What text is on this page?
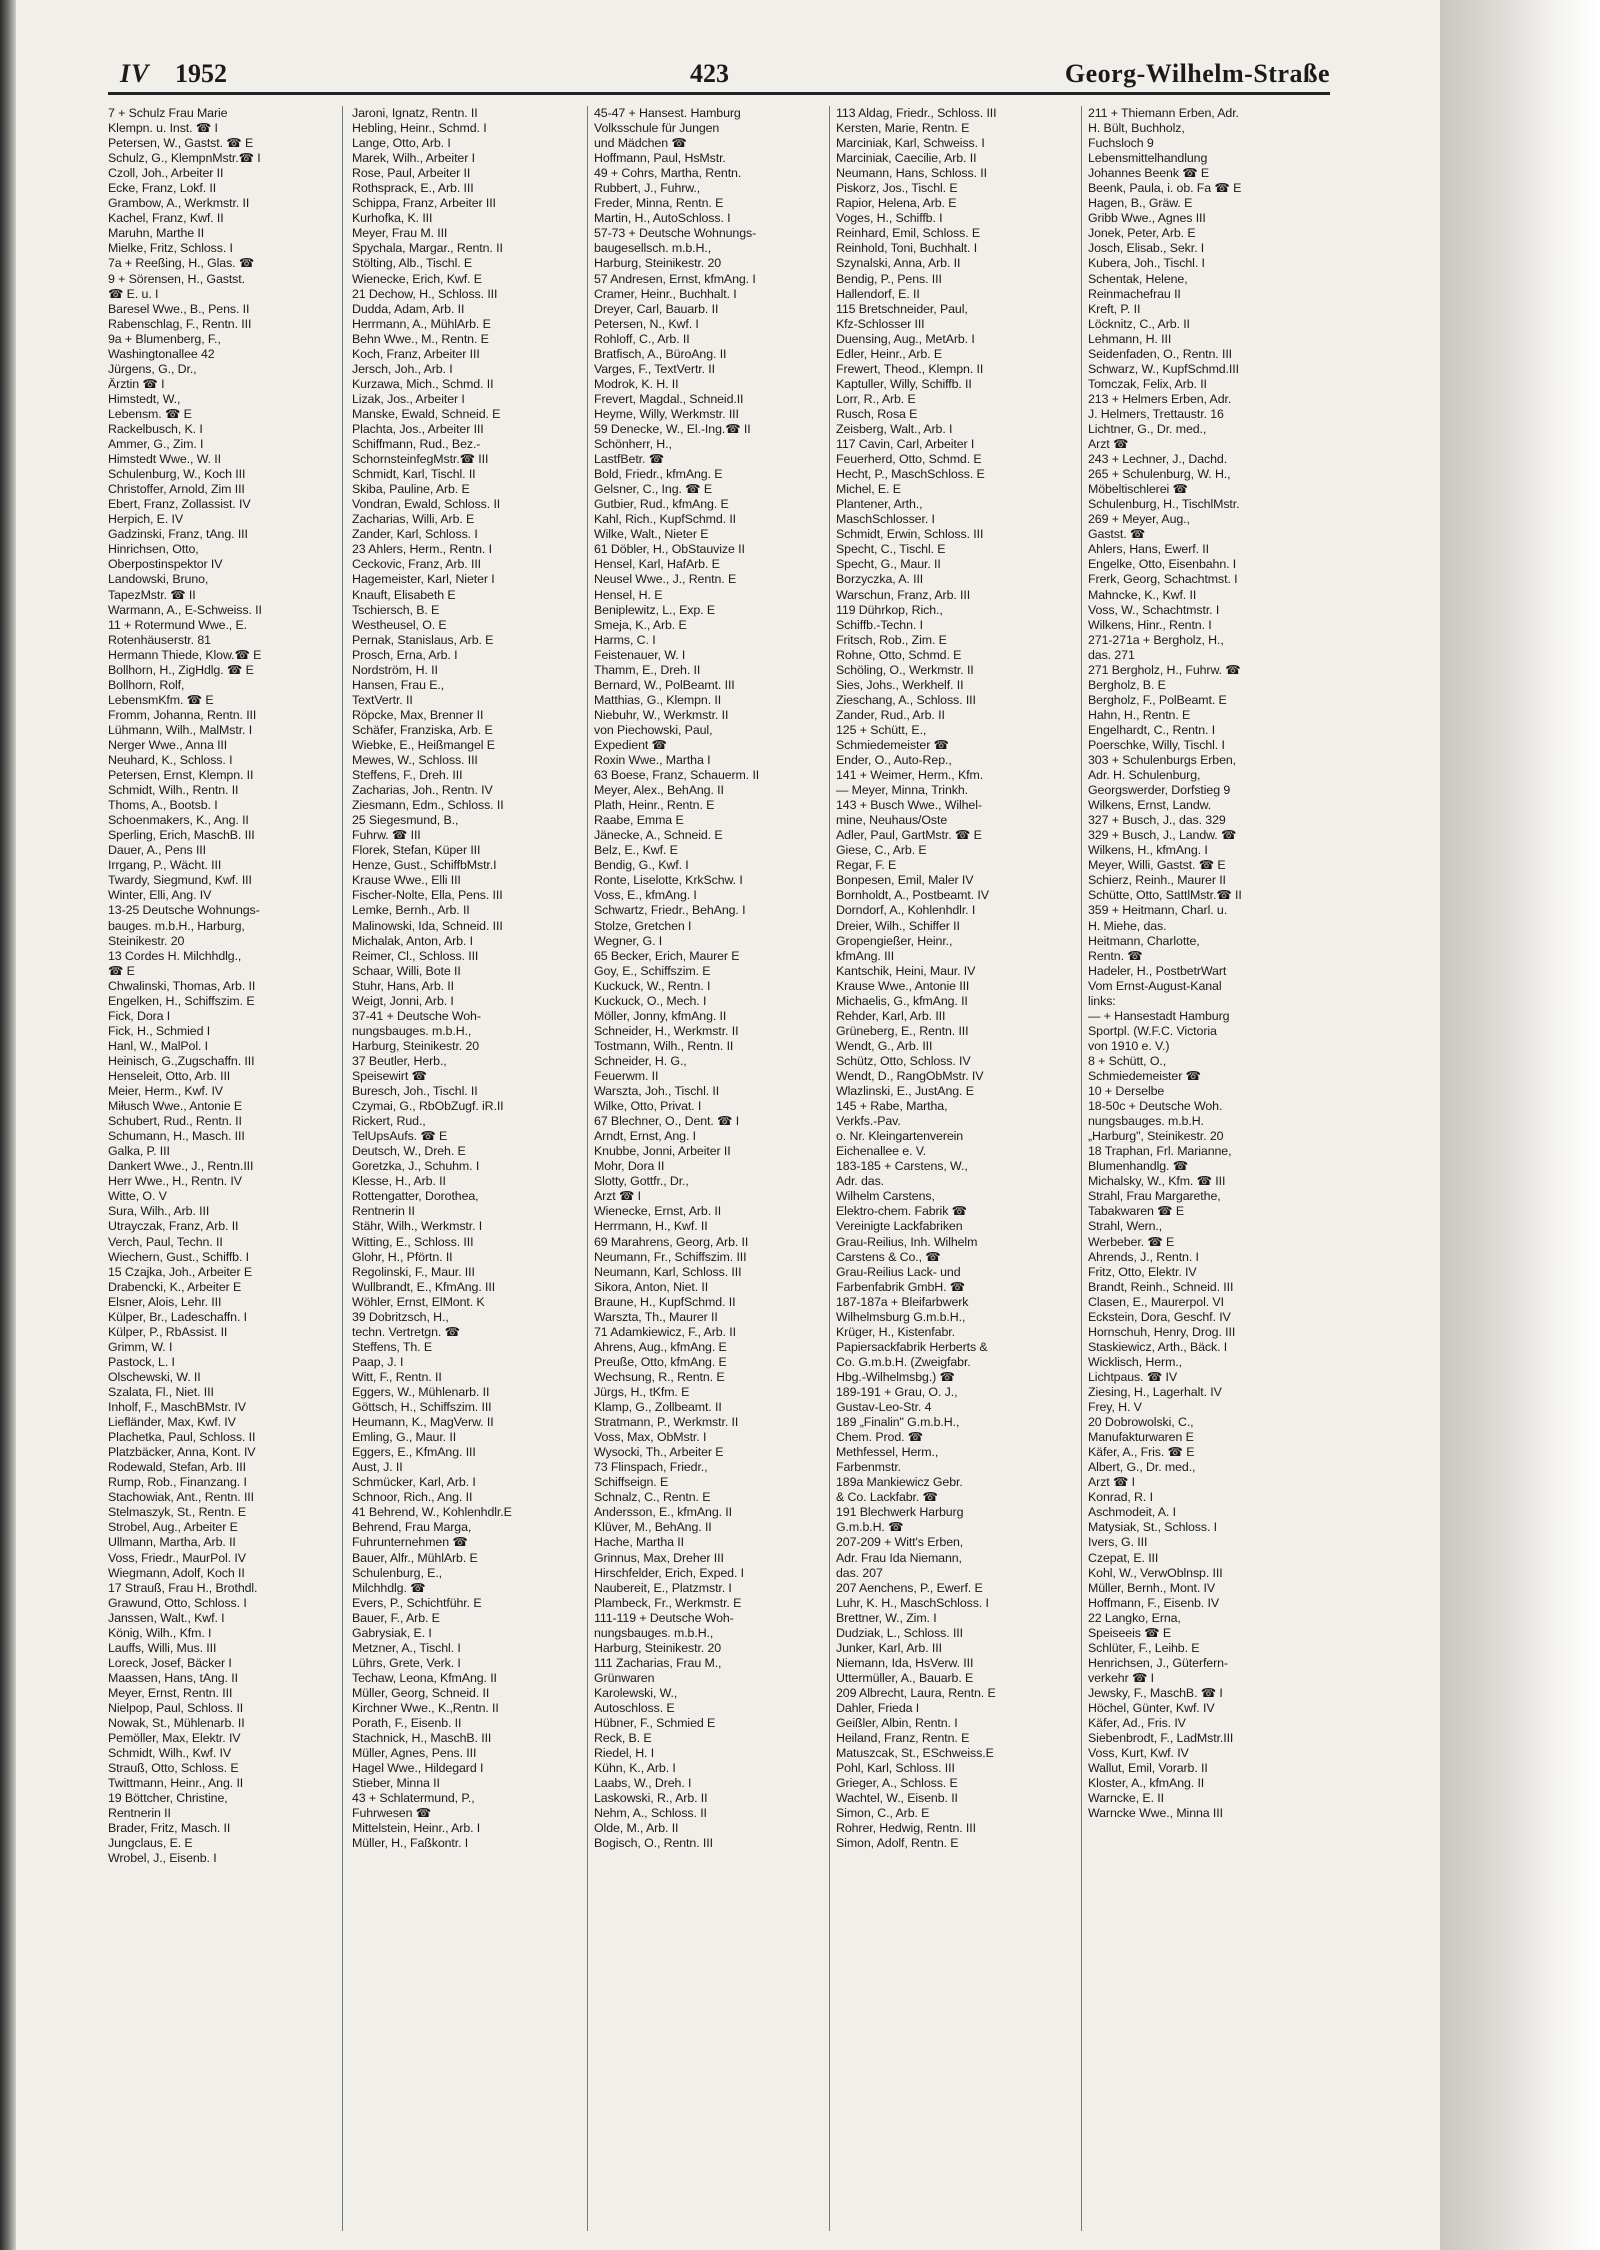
IV 1952	423	Georg-Wilhelm-Straße
7 + Schulz Frau Marie
Klempn. u. Inst. ☎ I
Petersen, W., Gastst. ☎ E
Schulz, G., KlempnMstr.☎ I
Czoll, Joh., Arbeiter II
Ecke, Franz, Lokf. II
Grambow, A., Werkmstr. II
Kachel, Franz, Kwf. II
Maruhn, Marthe II
Mielke, Fritz, Schloss. I
7a + Reeßing, H., Glas. ☎
9 + Sörensen, H., Gastst.
☎ E. u. I
Baresel Wwe., B., Pens. II
Rabenschlag, F., Rentn. III
9a + Blumenberg, F.,
Washingtonallee 42
Jürgens, G., Dr.,
Ärztin ☎ I
Himstedt, W.,
Lebensm. ☎ E
Rackelbusch, K. I
Ammer, G., Zim. I
Himstedt Wwe., W. II
Schulenburg, W., Koch III
Christoffer, Arnold, Zim III
Ebert, Franz, Zollassist. IV
Herpich, E. IV
Gadzinski, Franz, tAng. III
Hinrichsen, Otto,
Oberpostinspektor IV
Landowski, Bruno,
TapezMstr. ☎ II
Warmann, A., E-Schweiss. II
11 + Rotermund Wwe., E.
Rotenhäuserstr. 81
Hermann Thiede, Klow.☎ E
Bollhorn, H., ZigHdlg. ☎ E
Bollhorn, Rolf,
LebensmKfm. ☎ E
Fromm, Johanna, Rentn. III
Lühmann, Wilh., MalMstr. I
Nerger Wwe., Anna III
Neuhard, K., Schloss. I
Petersen, Ernst, Klempn. II
Schmidt, Wilh., Rentn. II
Thoms, A., Bootsb. I
Schoenmakers, K., Ang. II
Sperling, Erich, MaschB. III
Dauer, A., Pens III
Irrgang, P., Wächt. III
Twardy, Siegmund, Kwf. III
Winter, Elli, Ang. IV
13-25 Deutsche Wohnungs-
bauges. m.b.H., Harburg,
Steinikestr. 20
13 Cordes H. Milchhdlg.,
☎ E
Chwalinski, Thomas, Arb. II
Engelken, H., Schiffszim. E
Fick, Dora I
Fick, H., Schmied I
Hanl, W., MalPol. I
Heinisch, G.,Zugschaffn. III
Henseleit, Otto, Arb. III
Meier, Herm., Kwf. IV
Miłusch Wwe., Antonie E
Schubert, Rud., Rentn. II
Schumann, H., Masch. III
Galka, P. III
Dankert Wwe., J., Rentn.III
Herr Wwe., H., Rentn. IV
Witte, O. V
Sura, Wilh., Arb. III
Utrayczak, Franz, Arb. II
Verch, Paul, Techn. II
Wiechern, Gust., Schiffb. I
15 Czajka, Joh., Arbeiter E
Drabencki, K., Arbeiter E
Elsner, Alois, Lehr. III
Külper, Br., Ladeschaffn. I
Külper, P., RbAssist. II
Grimm, W. I
Pastock, L. I
Olschewski, W. II
Szalata, Fl., Niet. III
Inholf, F., MaschBMstr. IV
Liefländer, Max, Kwf. IV
Plachetka, Paul, Schloss. II
Platzbäcker, Anna, Kont. IV
Rodewald, Stefan, Arb. III
Rump, Rob., Finanzang. I
Stachowiak, Ant., Rentn. III
Stelmaszyk, St., Rentn. E
Strobel, Aug., Arbeiter E
Ullmann, Martha, Arb. II
Voss, Friedr., MaurPol. IV
Wiegmann, Adolf, Koch II
17 Strauß, Frau H., Brothdl.
Grawund, Otto, Schloss. I
Janssen, Walt., Kwf. I
König, Wilh., Kfm. I
Lauffs, Willi, Mus. III
Loreck, Josef, Bäcker I
Maassen, Hans, tAng. II
Meyer, Ernst, Rentn. III
Nielpop, Paul, Schloss. II
Nowak, St., Mühlenarb. II
Pemöller, Max, Elektr. IV
Schmidt, Wilh., Kwf. IV
Strauß, Otto, Schloss. E
Twittmann, Heinr., Ang. II
19 Böttcher, Christine,
Rentnerin II
Brader, Fritz, Masch. II
Jungclaus, E. E
Wrobel, J., Eisenb. I
Jaroni, Ignatz, Rentn. II
Hebling, Heinr., Schmd. I
Lange, Otto, Arb. I
Marek, Wilh., Arbeiter I
Rose, Paul, Arbeiter II
Rothsprack, E., Arb. III
Schippa, Franz, Arbeiter III
Kurhofka, K. III
Meyer, Frau M. III
Spychala, Margar., Rentn. II
Stölting, Alb., Tischl. E
Wienecke, Erich, Kwf. E
21 Dechow, H., Schloss. III
Dudda, Adam, Arb. II
Herrmann, A., MühlArb. E
Behn Wwe., M., Rentn. E
Koch, Franz, Arbeiter III
Jersch, Joh., Arb. I
Kurzawa, Mich., Schmd. II
Lizak, Jos., Arbeiter I
Manske, Ewald, Schneid. E
Plachta, Jos., Arbeiter III
Schiffmann, Rud., Bez.-
SchornsteinfegMstr.☎ III
Schmidt, Karl, Tischl. II
Skiba, Pauline, Arb. E
Vondran, Ewald, Schloss. II
Zacharias, Willi, Arb. E
Zander, Karl, Schloss. I
23 Ahlers, Herm., Rentn. I
Ceckovic, Franz, Arb. III
Hagemeister, Karl, Nieter I
Knauft, Elisabeth E
Tschiersch, B. E
Westheusel, O. E
Pernak, Stanislaus, Arb. E
Prosch, Erna, Arb. I
Nordström, H. II
Hansen, Frau E.,
TextVertr. II
Röpcke, Max, Brenner II
Schäfer, Franziska, Arb. E
Wiebke, E., Heißmangel E
Mewes, W., Schloss. III
Steffens, F., Dreh. III
Zacharias, Joh., Rentn. IV
Ziesmann, Edm., Schloss. II
25 Siegesmund, B.,
Fuhrw. ☎ III
Florek, Stefan, Küper III
Henze, Gust., SchiffbMstr.I
Krause Wwe., Elli III
Fischer-Nolte, Ella, Pens. III
Lemke, Bernh., Arb. II
Malinowski, Ida, Schneid. III
Michalak, Anton, Arb. I
Reimer, Cl., Schloss. III
Schaar, Willi, Bote II
Stuhr, Hans, Arb. II
Weigt, Jonni, Arb. I
37-41 + Deutsche Woh-
nungsbauges. m.b.H.,
Harburg, Steinikestr. 20
37 Beutler, Herb.,
Speisewirt ☎
Buresch, Joh., Tischl. II
Czymai, G., RbObZugf. iR.II
Rickert, Rud.,
TelUpsAufs. ☎ E
Deutsch, W., Dreh. E
Goretzka, J., Schuhm. I
Klesse, H., Arb. II
Rottengatter, Dorothea,
Rentnerin II
Stähr, Wilh., Werkmstr. I
Witting, E., Schloss. III
Glohr, H., Pförtn. II
Regolinski, F., Maur. III
Wullbrandt, E., KfmAng. III
Wöhler, Ernst, ElMont. K
39 Dobritzsch, H.,
techn. Vertretgn. ☎
Steffens, Th. E
Paap, J. I
Witt, F., Rentn. II
Eggers, W., Mühlenarb. II
Göttsch, H., Schiffszim. III
Heumann, K., MagVerw. II
Emling, G., Maur. II
Eggers, E., KfmAng. III
Aust, J. II
Schmücker, Karl, Arb. I
Schnoor, Rich., Ang. II
41 Behrend, W., Kohlenhdlr.E
Behrend, Frau Marga,
Fuhrunternehmen ☎
Bauer, Alfr., MühlArb. E
Schulenburg, E.,
Milchhdlg. ☎
Evers, P., Schichtführ. E
Bauer, F., Arb. E
Gabrysiak, E. I
Metzner, A., Tischl. I
Lührs, Grete, Verk. I
Techaw, Leona, KfmAng. II
Müller, Georg, Schneid. II
Kirchner Wwe., K.,Rentn. II
Porath, F., Eisenb. II
Stachnick, H., MaschB. III
Müller, Agnes, Pens. III
Hagel Wwe., Hildegard I
Stieber, Minna II
43 + Schlatermund, P.,
Fuhrwesen ☎
Mittelstein, Heinr., Arb. I
Müller, H., Faßkontr. I
45-47 + Hansest. Hamburg
Volksschule für Jungen
und Mädchen ☎
Hoffmann, Paul, HsMstr.
49 + Cohrs, Martha, Rentn.
Rubbert, J., Fuhrw.,
Freder, Minna, Rentn. E
Martin, H., AutoSchloss. I
57-73 + Deutsche Wohnungs-
baugesellsch. m.b.H.,
Harburg, Steinikestr. 20
57 Andresen, Ernst, kfmAng. I
Cramer, Heinr., Buchhalt. I
Dreyer, Carl, Bauarb. II
Petersen, N., Kwf. I
Rohloff, C., Arb. II
Bratfisch, A., BüroAng. II
Varges, F., TextVertr. II
Modrok, K. H. II
Frevert, Magdal., Schneid.II
Heyme, Willy, Werkmstr. III
59 Denecke, W., El.-Ing.☎ II
Schönherr, H.,
LastfBetr. ☎
Bold, Friedr., kfmAng. E
Gelsner, C., Ing. ☎ E
Gutbier, Rud., kfmAng. E
Kahl, Rich., KupfSchmd. II
Wilke, Walt., Nieter E
61 Döbler, H., ObStauvize II
Hensel, Karl, HafArb. E
Neusel Wwe., J., Rentn. E
Hensel, H. E
Beniplewitz, L., Exp. E
Smeja, K., Arb. E
Harms, C. I
Feistenauer, W. I
Thamm, E., Dreh. II
Bernard, W., PolBeamt. III
Matthias, G., Klempn. II
Niebuhr, W., Werkmstr. II
von Piechowski, Paul,
Expedient ☎
Roxin Wwe., Martha I
63 Boese, Franz, Schauerm. II
Meyer, Alex., BehAng. II
Plath, Heinr., Rentn. E
Raabe, Emma E
Jänecke, A., Schneid. E
Belz, E., Kwf. E
Bendig, G., Kwf. I
Ronte, Liselotte, KrkSchw. I
Voss, E., kfmAng. I
Schwartz, Friedr., BehAng. I
Stolze, Gretchen I
Wegner, G. I
65 Becker, Erich, Maurer E
Goy, E., Schiffszim. E
Kuckuck, W., Rentn. I
Kuckuck, O., Mech. I
Möller, Jonny, kfmAng. II
Schneider, H., Werkmstr. II
Tostmann, Wilh., Rentn. II
Schneider, H. G.,
Feuerwm. II
Warszta, Joh., Tischl. II
Wilke, Otto, Privat. I
67 Blechner, O., Dent. ☎ I
Arndt, Ernst, Ang. I
Knubbe, Jonni, Arbeiter II
Mohr, Dora II
Slotty, Gottfr., Dr.,
Arzt ☎ I
Wienecke, Ernst, Arb. II
Herrmann, H., Kwf. II
69 Marahrens, Georg, Arb. II
Neumann, Fr., Schiffszim. III
Neumann, Karl, Schloss. III
Sikora, Anton, Niet. II
Braune, H., KupfSchmd. II
Warszta, Th., Maurer II
71 Adamkiewicz, F., Arb. II
Ahrens, Aug., kfmAng. E
Preuße, Otto, kfmAng. E
Wechsung, R., Rentn. E
Jürgs, H., tKfm. E
Klamp, G., Zollbeamt. II
Stratmann, P., Werkmstr. II
Voss, Max, ObMstr. I
Wysocki, Th., Arbeiter E
73 Flinspach, Friedr.,
Schiffseign. E
Schnalz, C., Rentn. E
Andersson, E., kfmAng. II
Klüver, M., BehAng. II
Hache, Martha II
Grinnus, Max, Dreher III
Hirschfelder, Erich, Exped. I
Naubereit, E., Platzmstr. I
Plambeck, Fr., Werkmstr. E
111-119 + Deutsche Woh-
nungsbauges. m.b.H.,
Harburg, Steinikestr. 20
111 Zacharias, Frau M.,
Grünwaren
Karolewski, W.,
Autoschloss. E
Hübner, F., Schmied E
Reck, B. E
Riedel, H. I
Kühn, K., Arb. I
Laabs, W., Dreh. I
Laskowski, R., Arb. II
Nehm, A., Schloss. II
Olde, M., Arb. II
Bogisch, O., Rentn. III
113 Aldag, Friedr., Schloss. III
Kersten, Marie, Rentn. E
Marciniak, Karl, Schweiss. I
Marciniak, Caecilie, Arb. II
Neumann, Hans, Schloss. II
Piskorz, Jos., Tischl. E
Rapior, Helena, Arb. E
Voges, H., Schiffb. I
Reinhard, Emil, Schloss. E
Reinhold, Toni, Buchhalt. I
Szynalski, Anna, Arb. II
Bendig, P., Pens. III
Hallendorf, E. II
115 Bretschneider, Paul,
Kfz-Schlosser III
Duensing, Aug., MetArb. I
Edler, Heinr., Arb. E
Frewert, Theod., Klempn. II
Kaptuller, Willy, Schiffb. II
Lorr, R., Arb. E
Rusch, Rosa E
Zeisberg, Walt., Arb. I
117 Cavin, Carl, Arbeiter I
Feuerherd, Otto, Schmd. E
Hecht, P., MaschSchloss. E
Michel, E. E
Plantener, Arth.,
MaschSchlosser. I
Schmidt, Erwin, Schloss. III
Specht, C., Tischl. E
Specht, G., Maur. II
Borzyczka, A. III
Warschun, Franz, Arb. III
119 Dührkop, Rich.,
Schiffb.-Techn. I
Fritsch, Rob., Zim. E
Rohne, Otto, Schmd. E
Schöling, O., Werkmstr. II
Sies, Johs., Werkhelf. II
Zieschang, A., Schloss. III
Zander, Rud., Arb. II
125 + Schütt, E.,
Schmiedemeister ☎
Ender, O., Auto-Rep.,
141 + Weimer, Herm., Kfm.
— Meyer, Minna, Trinkh.
143 + Busch Wwe., Wilhel-
mine, Neuhaus/Oste
Adler, Paul, GartMstr. ☎ E
Giese, C., Arb. E
Regar, F. E
Bonpesen, Emil, Maler IV
Bornholdt, A., Postbeamt. IV
Dorndorf, A., Kohlenhdlr. I
Dreier, Wilh., Schiffer II
Gropengießer, Heinr.,
kfmAng. III
Kantschik, Heini, Maur. IV
Krause Wwe., Antonie III
Michaelis, G., kfmAng. II
Rehder, Karl, Arb. III
Grüneberg, E., Rentn. III
Wendt, G., Arb. III
Schütz, Otto, Schloss. IV
Wendt, D., RangObMstr. IV
Wlazlinski, E., JustAng. E
145 + Rabe, Martha,
Verkfs.-Pav.
o. Nr. Kleingartenverein
Eichenallee e. V.
183-185 + Carstens, W.,
Adr. das.
Wilhelm Carstens,
Elektro-chem. Fabrik ☎
Vereinigte Lackfabriken
Grau-Reilius, Inh. Wilhelm
Carstens & Co., ☎
Grau-Reilius Lack- und
Farbenfabrik GmbH. ☎
187-187a + Bleifarbwerk
Wilhelmsburg G.m.b.H.,
Krüger, H., Kistenfabr.
Papiersackfabrik Herberts &
Co. G.m.b.H. (Zweigfabr.
Hbg.-Wilhelmsbg.) ☎
189-191 + Grau, O. J.,
Gustav-Leo-Str. 4
189 „Finalin" G.m.b.H.,
Chem. Prod. ☎
Methfessel, Herm.,
Farbenmstr.
189a Mankiewicz Gebr.
& Co. Lackfabr. ☎
191 Blechwerk Harburg
G.m.b.H. ☎
207-209 + Witt's Erben,
Adr. Frau Ida Niemann,
das. 207
207 Aenchens, P., Ewerf. E
Luhr, K. H., MaschSchloss. I
Brettner, W., Zim. I
Dudziak, L., Schloss. III
Junker, Karl, Arb. III
Niemann, Ida, HsVerw. III
Uttermüller, A., Bauarb. E
209 Albrecht, Laura, Rentn. E
Dahler, Frieda I
Geißler, Albin, Rentn. I
Heiland, Franz, Rentn. E
Matuszcak, St., ESchweiss.E
Pohl, Karl, Schloss. III
Grieger, A., Schloss. E
Wachtel, W., Eisenb. II
Simon, C., Arb. E
Rohrer, Hedwig, Rentn. III
Simon, Adolf, Rentn. E
211 + Thiemann Erben, Adr.
H. Bült, Buchholz,
Fuchsloch 9
Lebensmittelhandlung
Johannes Beenk ☎ E
Beenk, Paula, i. ob. Fa ☎ E
Hagen, B., Gräw. E
Gribb Wwe., Agnes III
Jonek, Peter, Arb. E
Josch, Elisab., Sekr. I
Kubera, Joh., Tischl. I
Schentak, Helene,
Reinmachefrau II
Kreft, P. II
Löcknitz, C., Arb. II
Lehmann, H. III
Seidenfaden, O., Rentn. III
Schwarz, W., KupfSchmd.III
Tomczak, Felix, Arb. II
213 + Helmers Erben, Adr.
J. Helmers, Trettaustr. 16
Lichtner, G., Dr. med.,
Arzt ☎
243 + Lechner, J., Dachd.
265 + Schulenburg, W. H.,
Möbeltischlerei ☎
Schulenburg, H., TischlMstr.
269 + Meyer, Aug.,
Gastst. ☎
Ahlers, Hans, Ewerf. II
Engelke, Otto, Eisenbahn. I
Frerk, Georg, Schachtmst. I
Mahncke, K., Kwf. II
Voss, W., Schachtmstr. I
Wilkens, Hinr., Rentn. I
271-271a + Bergholz, H.,
das. 271
271 Bergholz, H., Fuhrw. ☎
Bergholz, B. E
Bergholz, F., PolBeamt. E
Hahn, H., Rentn. E
Engelhardt, C., Rentn. I
Poerschke, Willy, Tischl. I
303 + Schulenburgs Erben,
Adr. H. Schulenburg,
Georgswerder, Dorfstieg 9
Wilkens, Ernst, Landw.
327 + Busch, J., das. 329
329 + Busch, J., Landw. ☎
Wilkens, H., kfmAng. I
Meyer, Willi, Gastst. ☎ E
Schierz, Reinh., Maurer II
Schütte, Otto, SattlMstr.☎ II
359 + Heitmann, Charl. u.
H. Miehe, das.
Heitmann, Charlotte,
Rentn. ☎
Hadeler, H., PostbetrWart
Vom Ernst-August-Kanal
links:
— + Hansestadt Hamburg
Sportpl. (W.F.C. Victoria
von 1910 e. V.)
8 + Schütt, O.,
Schmiedemeister ☎
10 + Derselbe
18-50c + Deutsche Woh.
nungsbauges. m.b.H.
„Harburg", Steinikestr. 20
18 Traphan, Frl. Marianne,
Blumenhandlg. ☎
Michalsky, W., Kfm. ☎ III
Strahl, Frau Margarethe,
Tabakwaren ☎ E
Strahl, Wern.,
Werbeber. ☎ E
Ahrends, J., Rentn. I
Fritz, Otto, Elektr. IV
Brandt, Reinh., Schneid. III
Clasen, E., Maurerpol. VI
Eckstein, Dora, Geschf. IV
Hornschuh, Henry, Drog. III
Staskiewicz, Arth., Bäck. I
Wicklisch, Herm.,
Lichtpaus. ☎ IV
Ziesing, H., Lagerhalt. IV
Frey, H. V
20 Dobrowolski, C.,
Manufakturwaren E
Käfer, A., Fris. ☎ E
Albert, G., Dr. med.,
Arzt ☎ I
Konrad, R. I
Aschmodeit, A. I
Matysiak, St., Schloss. I
Ivers, G. III
Czepat, E. III
Kohl, W., VerwOblnsp. III
Müller, Bernh., Mont. IV
Hoffmann, F., Eisenb. IV
22 Langko, Erna,
Speiseeis ☎ E
Schlüter, F., Leihb. E
Henrichsen, J., Güterfern-
verkehr ☎ I
Jewsky, F., MaschB. ☎ I
Höchel, Günter, Kwf. IV
Käfer, Ad., Fris. IV
Siebenbrodt, F., LadMstr.III
Voss, Kurt, Kwf. IV
Wallut, Emil, Vorarb. II
Kloster, A., kfmAng. II
Warncke, E. II
Warncke Wwe., Minna III
